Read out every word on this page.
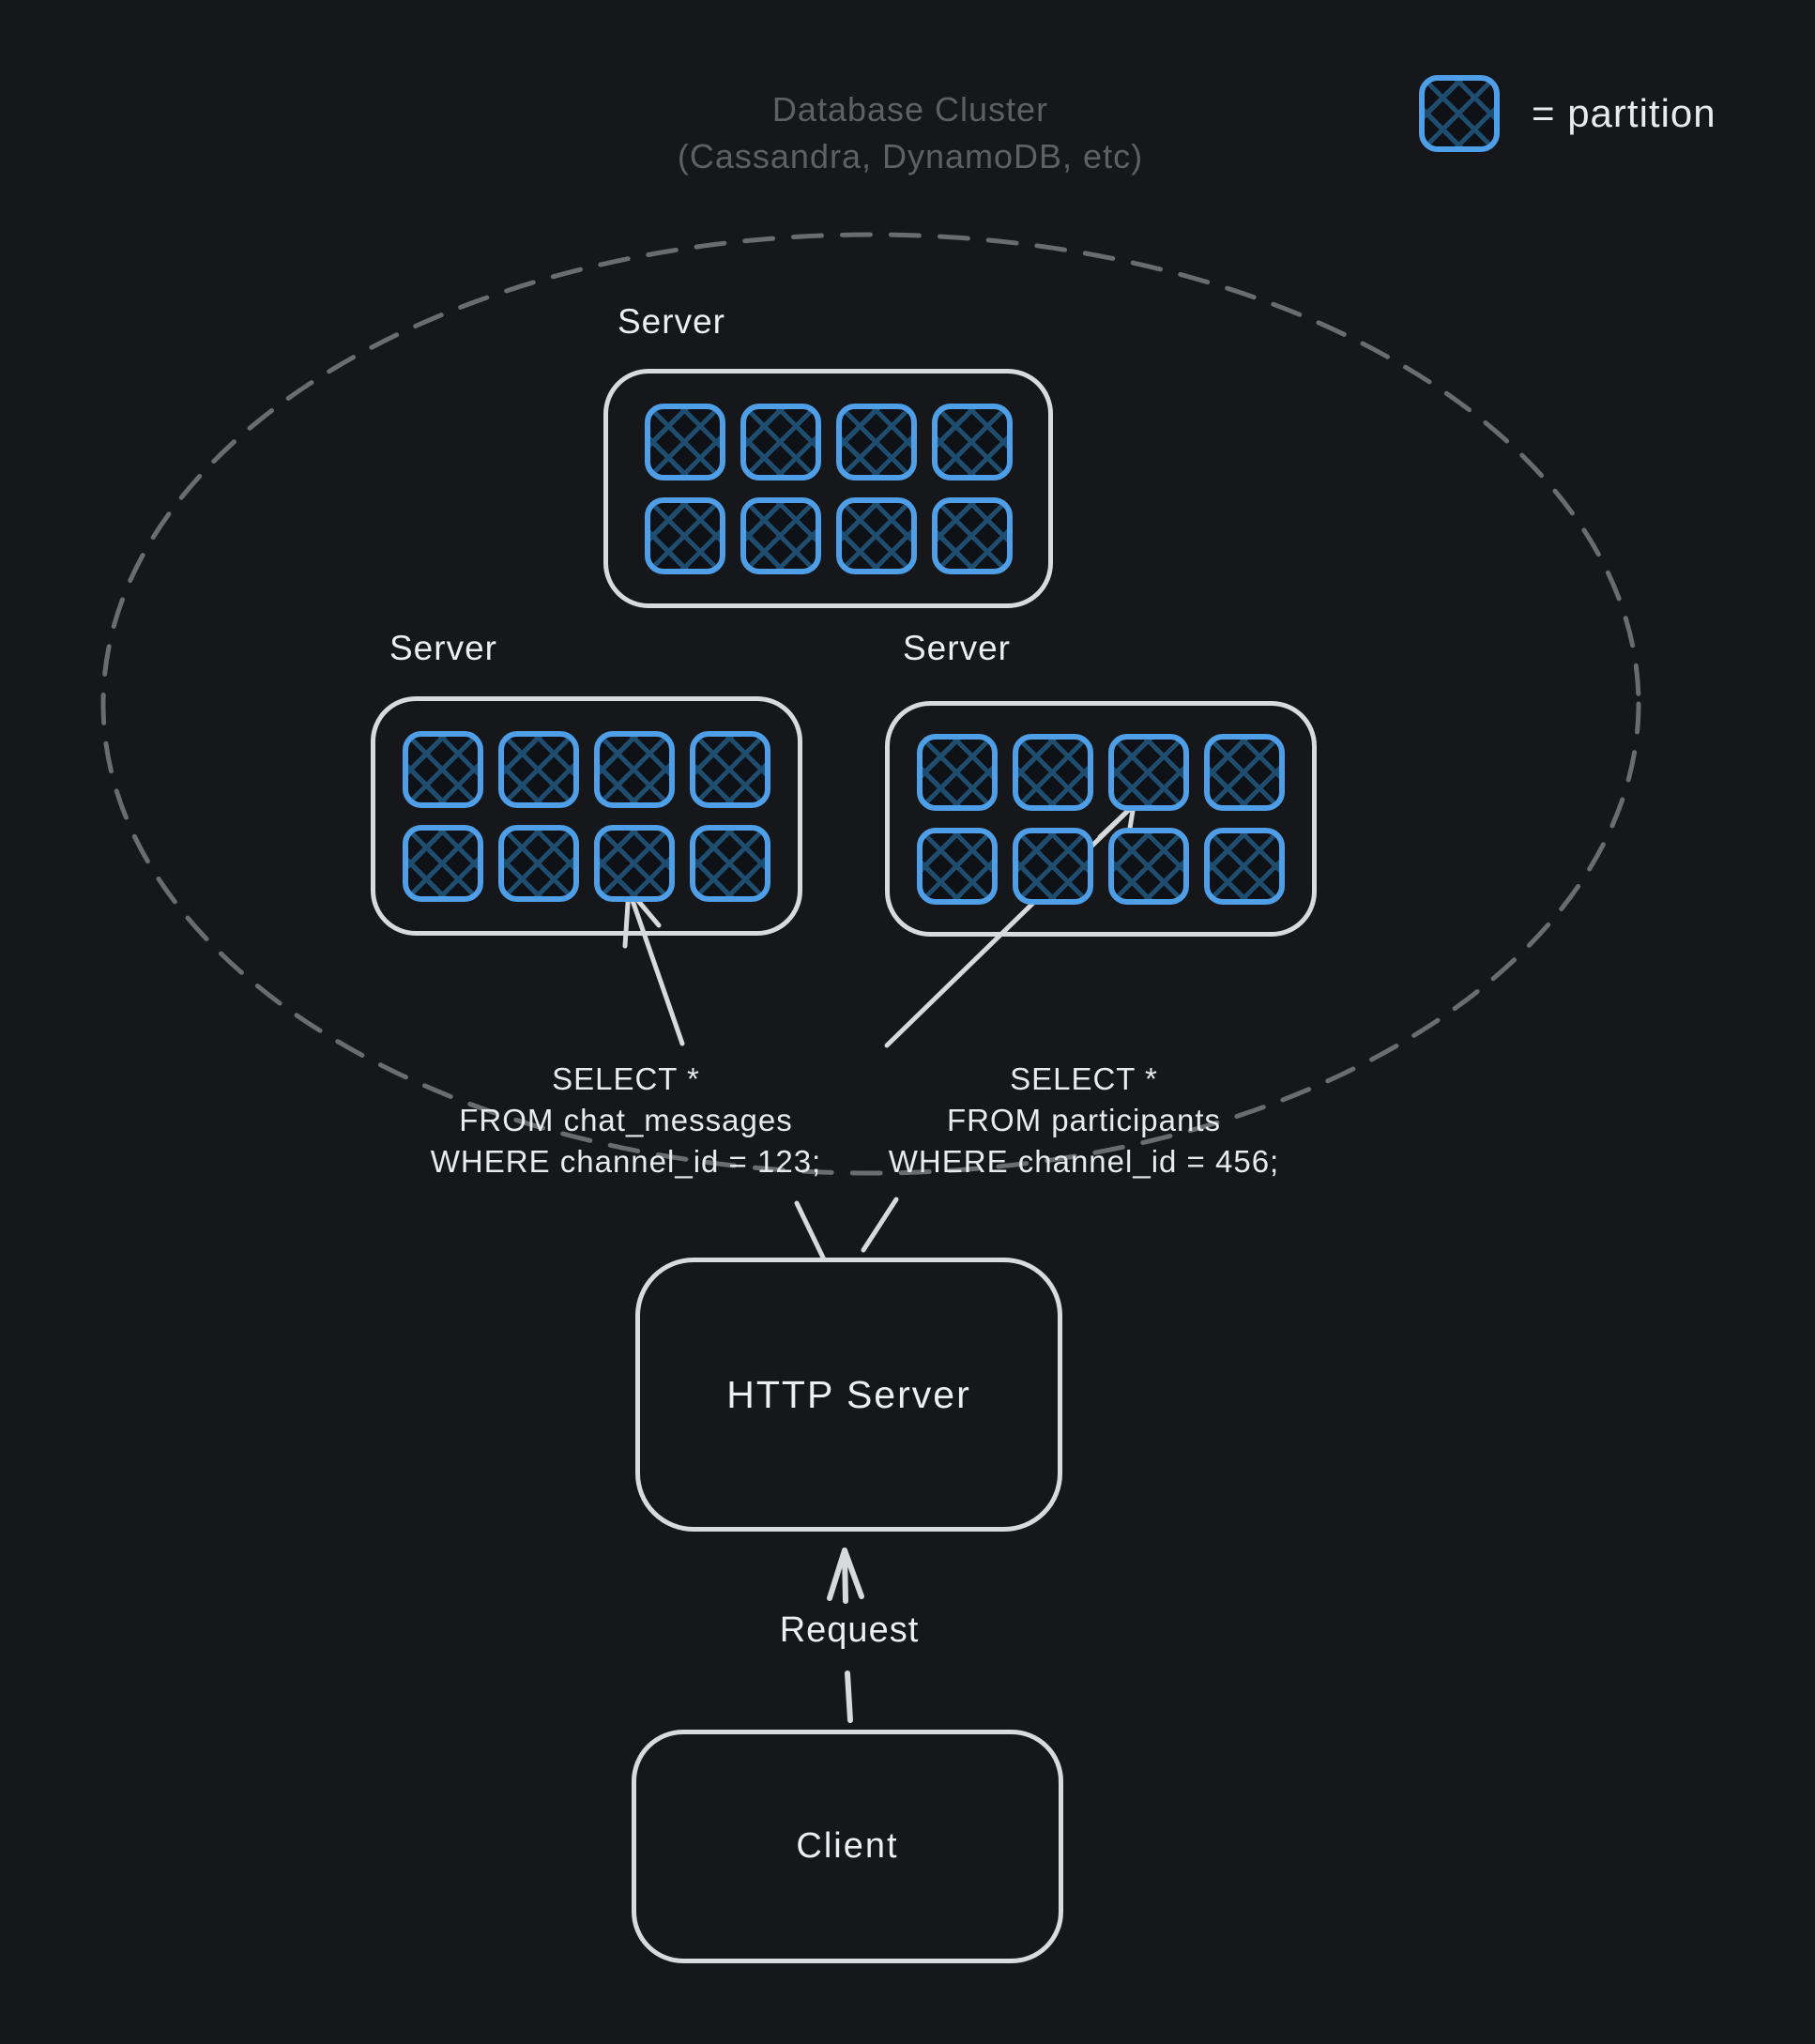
Database Cluster
(Cassandra, DynamoDB, etc)
= partition
Server
Server	Server
SELECT *
FROM chat_messages
WHERE channel_id = 123;
SELECT *
FROM participants
WHERE channel_id = 456;
HTTP Server
Request
Client
